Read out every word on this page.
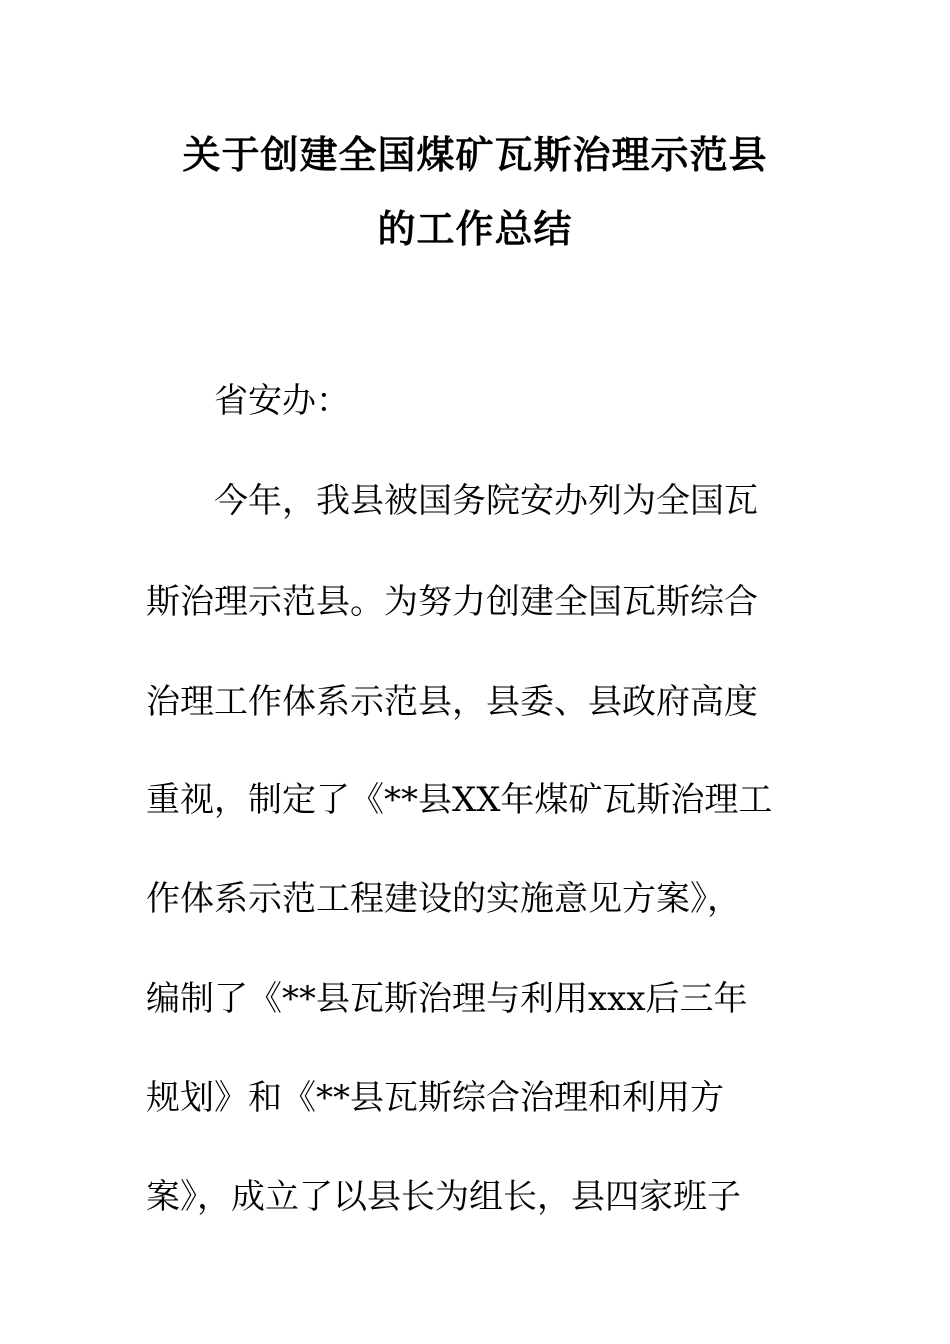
关于创建全国煤矿瓦斯治理示范县
的工作总结

省安办：

今年，我县被国务院安办列为全国瓦

斯治理示范县。为努力创建全国瓦斯综合

治理工作体系示范县，县委、县政府高度

重视，制定了《**县XX年煤矿瓦斯治理工

作体系示范工程建设的实施意见方案》，

编制了《**县瓦斯治理与利用xxx后三年

规划》和《**县瓦斯综合治理和利用方

案》，成立了以县长为组长，县四家班子
